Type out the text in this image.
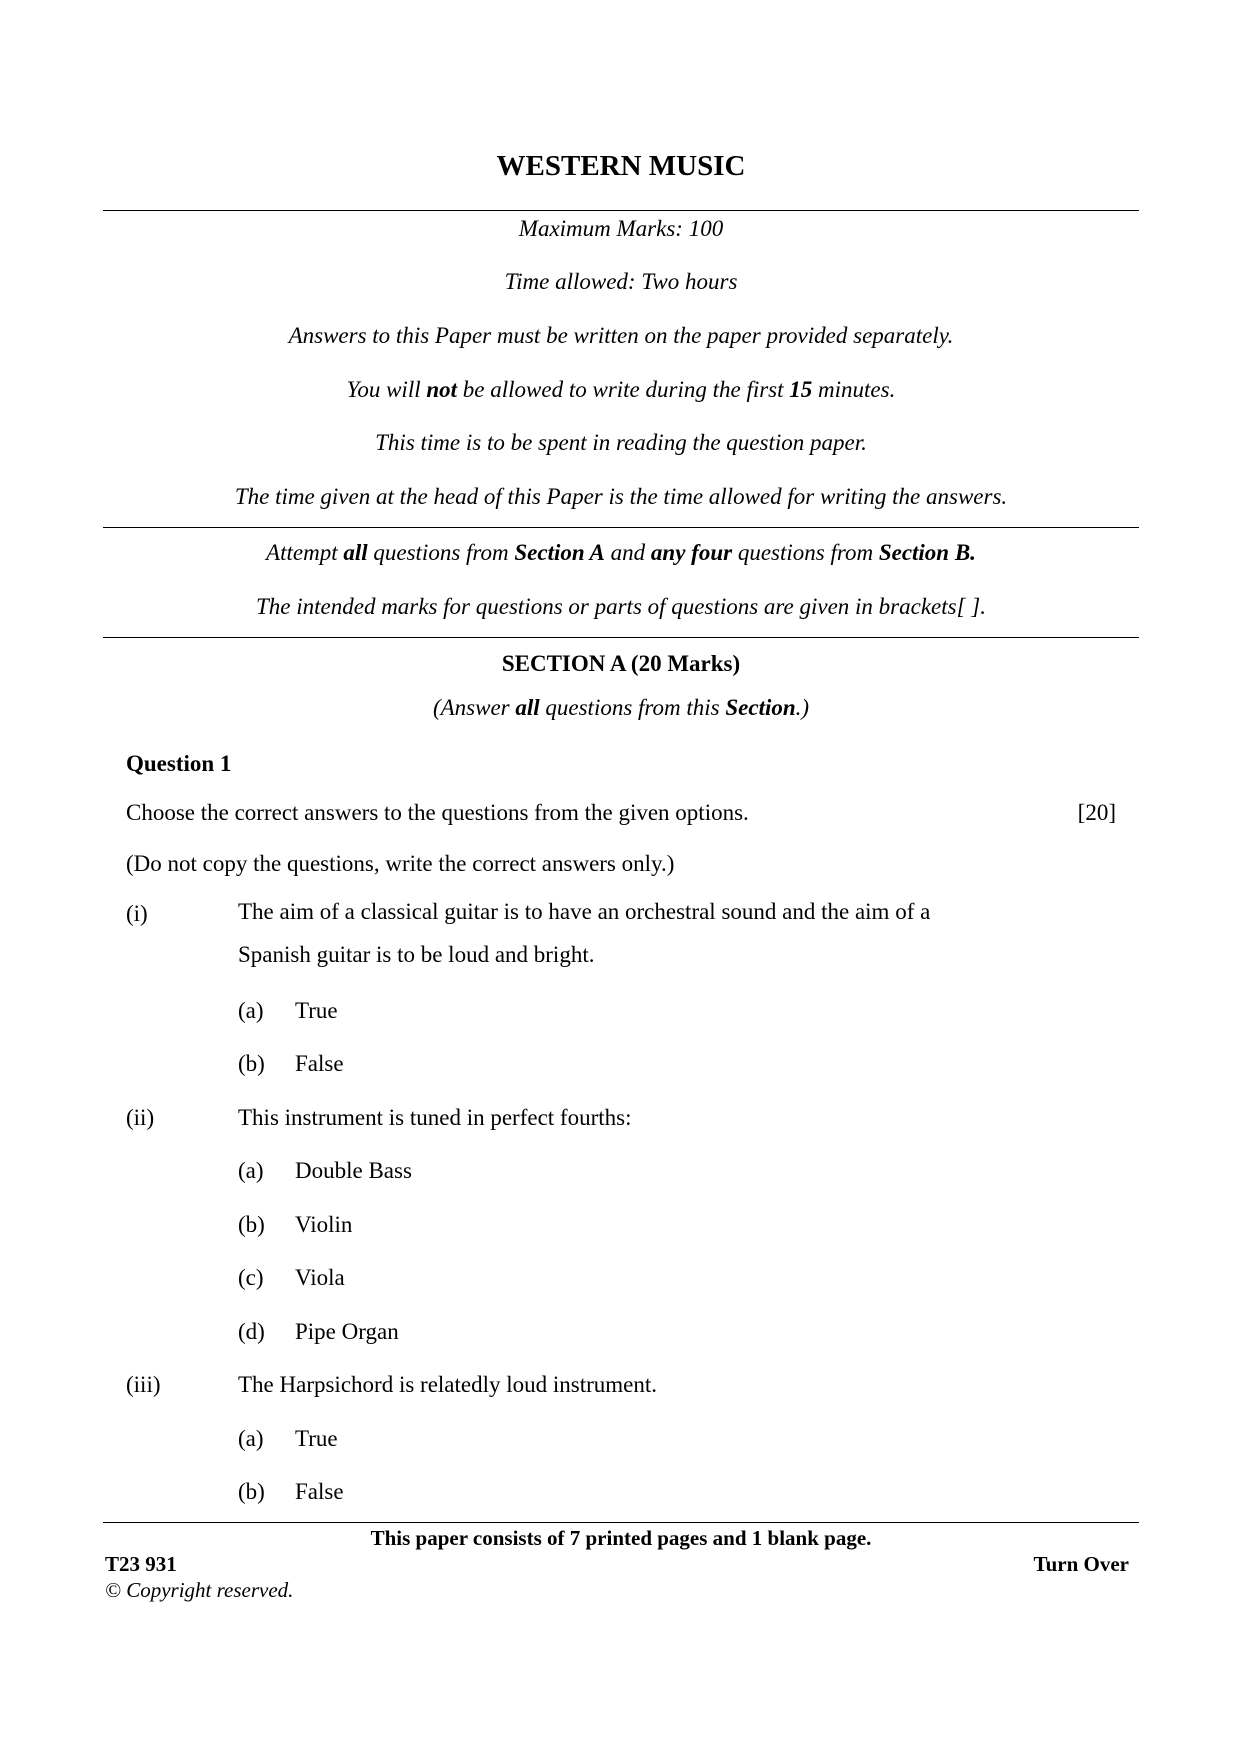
WESTERN MUSIC
Maximum Marks: 100
Time allowed: Two hours
Answers to this Paper must be written on the paper provided separately.
You will not be allowed to write during the first 15 minutes.
This time is to be spent in reading the question paper.
The time given at the head of this Paper is the time allowed for writing the answers.
Attempt all questions from Section A and any four questions from Section B.
The intended marks for questions or parts of questions are given in brackets[ ].
SECTION A (20 Marks)
(Answer all questions from this Section.)
Question 1
Choose the correct answers to the questions from the given options.	[20]
(Do not copy the questions, write the correct answers only.)
(i)	The aim of a classical guitar is to have an orchestral sound and the aim of a
Spanish guitar is to be loud and bright.
(a) True
(b) False
(ii)	This instrument is tuned in perfect fourths:
(a) Double Bass
(b) Violin
(c) Viola
(d) Pipe Organ
(iii)	The Harpsichord is relatedly loud instrument.
(a) True
(b) False
This paper consists of 7 printed pages and 1 blank page.
T23 931	Turn Over
© Copyright reserved.
